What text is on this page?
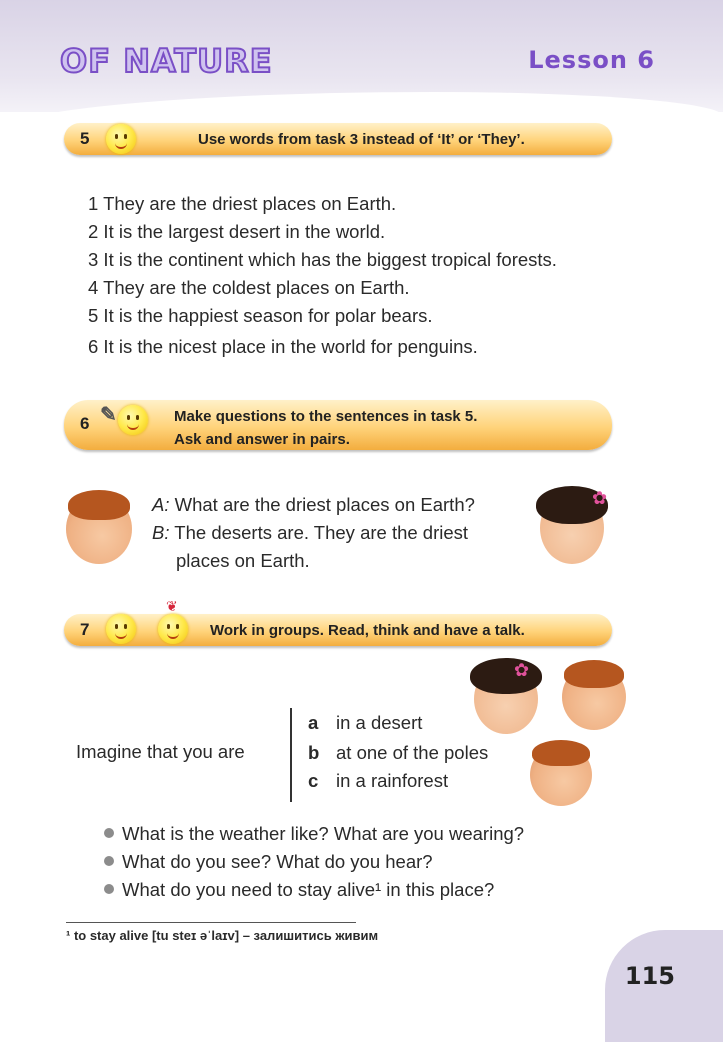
OF NATURE	Lesson 6
5	Use words from task 3 instead of ‘It’ or ‘They’.
1 They are the driest places on Earth.
2 It is the largest desert in the world.
3 It is the continent which has the biggest tropical forests.
4 They are the coldest places on Earth.
5 It is the happiest season for polar bears.
6 It is the nicest place in the world for penguins.
6 ✎	Make questions to the sentences in task 5.
Ask and answer in pairs.
✿
A: What are the driest places on Earth?
B: The deserts are. They are the driest
places on Earth.
7
❦
Work in groups. Read, think and have a talk.
✿
Imagine that you are
a in a desert
b at one of the poles
c in a rainforest
What is the weather like? What are you wearing?
What do you see? What do you hear?
What do you need to stay alive¹ in this place?
¹ to stay alive [tu steɪ əˈlaɪv] – залишитись живим
115
